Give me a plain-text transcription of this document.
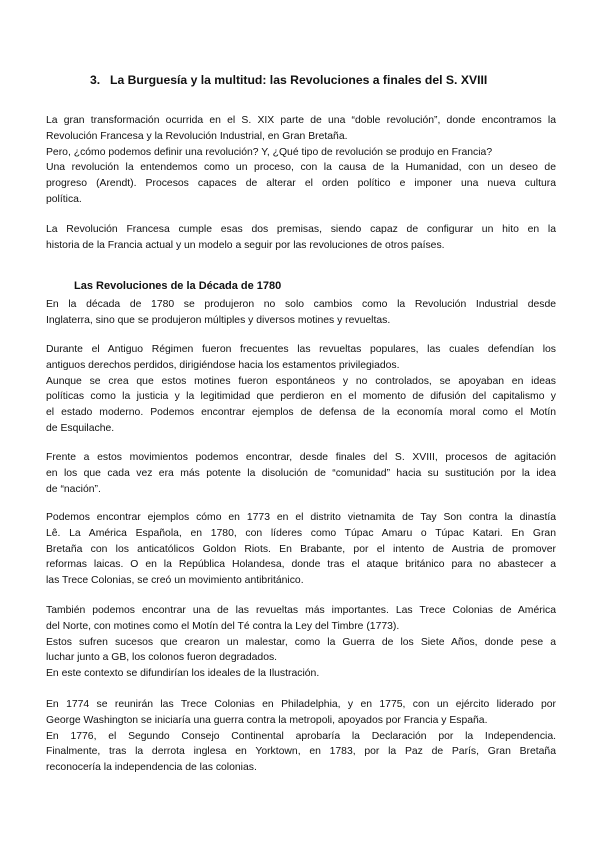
3. La Burguesía y la multitud: las Revoluciones a finales del S. XVIII

La gran transformación ocurrida en el S. XIX parte de una “doble revolución”, donde encontramos la
Revolución Francesa y la Revolución Industrial, en Gran Bretaña.
Pero, ¿cómo podemos definir una revolución? Y, ¿Qué tipo de revolución se produjo en Francia?
Una revolución la entendemos como un proceso, con la causa de la Humanidad, con un deseo de
progreso (Arendt). Procesos capaces de alterar el orden político e imponer una nueva cultura
política.

La Revolución Francesa cumple esas dos premisas, siendo capaz de configurar un hito en la
historia de la Francia actual y un modelo a seguir por las revoluciones de otros países.

Las Revoluciones de la Década de 1780

En la década de 1780 se produjeron no solo cambios como la Revolución Industrial desde
Inglaterra, sino que se produjeron múltiples y diversos motines y revueltas.

Durante el Antiguo Régimen fueron frecuentes las revueltas populares, las cuales defendían los
antiguos derechos perdidos, dirigiéndose hacia los estamentos privilegiados.
Aunque se crea que estos motines fueron espontáneos y no controlados, se apoyaban en ideas
políticas como la justicia y la legitimidad que perdieron en el momento de difusión del capitalismo y
el estado moderno. Podemos encontrar ejemplos de defensa de la economía moral como el Motín
de Esquilache.

Frente a estos movimientos podemos encontrar, desde finales del S. XVIII, procesos de agitación
en los que cada vez era más potente la disolución de “comunidad” hacia su sustitución por la idea
de “nación”.

Podemos encontrar ejemplos cómo en 1773 en el distrito vietnamita de Tay Son contra la dinastía
Lê. La América Española, en 1780, con líderes como Túpac Amaru o Túpac Katari. En Gran
Bretaña con los anticatólicos Goldon Riots. En Brabante, por el intento de Austria de promover
reformas laicas. O en la República Holandesa, donde tras el ataque británico para no abastecer a
las Trece Colonias, se creó un movimiento antibritánico.

También podemos encontrar una de las revueltas más importantes. Las Trece Colonias de América
del Norte, con motines como el Motín del Té contra la Ley del Timbre (1773).
Estos sufren sucesos que crearon un malestar, como la Guerra de los Siete Años, donde pese a
luchar junto a GB, los colonos fueron degradados.
En este contexto se difundirían los ideales de la Ilustración.

En 1774 se reunirán las Trece Colonias en Philadelphia, y en 1775, con un ejército liderado por
George Washington se iniciaría una guerra contra la metropoli, apoyados por Francia y España.
En 1776, el Segundo Consejo Continental aprobaría la Declaración por la Independencia.
Finalmente, tras la derrota inglesa en Yorktown, en 1783, por la Paz de París, Gran Bretaña
reconocería la independencia de las colonias.
